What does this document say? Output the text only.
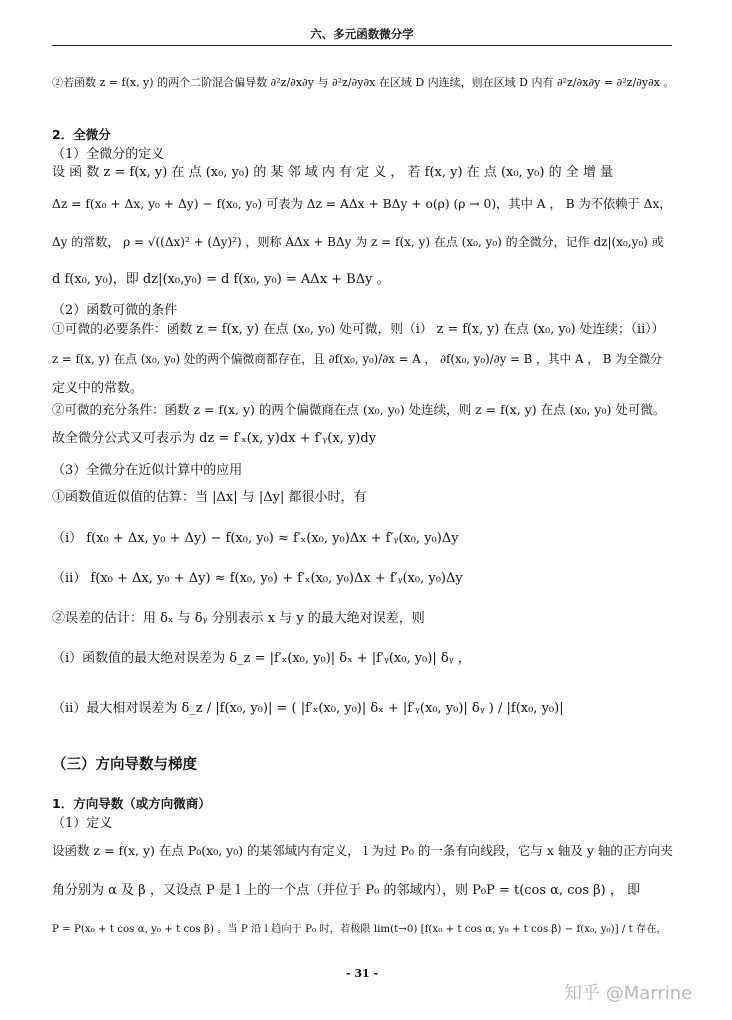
六、多元函数微分学
②若函数 z = f(x, y) 的两个二阶混合偏导数 ∂²z/∂x∂y 与 ∂²z/∂y∂x 在区域 D 内连续，则在区域 D 内有 ∂²z/∂x∂y = ∂²z/∂y∂x 。
2．全微分
（1）全微分的定义
设 函 数 z = f(x, y) 在 点 (x₀, y₀) 的 某 邻 域 内 有 定 义 ， 若 f(x, y) 在 点 (x₀, y₀) 的 全 增 量
Δz = f(x₀ + Δx, y₀ + Δy) − f(x₀, y₀) 可表为 Δz = AΔx + BΔy + o(ρ) (ρ → 0)，其中 A ， B 为不依赖于 Δx，
Δy 的常数， ρ = √((Δx)² + (Δy)²) ，则称 AΔx + BΔy 为 z = f(x, y) 在点 (x₀, y₀) 的全微分，记作 dz|(x₀,y₀) 或
d f(x₀, y₀)，即 dz|(x₀,y₀) = d f(x₀, y₀) = AΔx + BΔy 。
（2）函数可微的条件
①可微的必要条件：函数 z = f(x, y) 在点 (x₀, y₀) 处可微，则（i） z = f(x, y) 在点 (x₀, y₀) 处连续；（ii））
z = f(x, y) 在点 (x₀, y₀) 处的两个偏微商都存在，且 ∂f(x₀, y₀)/∂x = A ， ∂f(x₀, y₀)/∂y = B ，其中 A ， B 为全微分
定义中的常数。
②可微的充分条件：函数 z = f(x, y) 的两个偏微商在点 (x₀, y₀) 处连续，则 z = f(x, y) 在点 (x₀, y₀) 处可微。
故全微分公式又可表示为 dz = f′ₓ(x, y)dx + f′ᵧ(x, y)dy
（3）全微分在近似计算中的应用
①函数值近似值的估算：当 |Δx| 与 |Δy| 都很小时，有
（i） f(x₀ + Δx, y₀ + Δy) − f(x₀, y₀) ≈ f′ₓ(x₀, y₀)Δx + f′ᵧ(x₀, y₀)Δy
（ii） f(x₀ + Δx, y₀ + Δy) ≈ f(x₀, y₀) + f′ₓ(x₀, y₀)Δx + f′ᵧ(x₀, y₀)Δy
②误差的估计：用 δₓ 与 δᵧ 分别表示 x 与 y 的最大绝对误差，则
（i）函数值的最大绝对误差为 δ_z = |f′ₓ(x₀, y₀)| δₓ + |f′ᵧ(x₀, y₀)| δᵧ ，
（ii）最大相对误差为 δ_z / |f(x₀, y₀)| = ( |f′ₓ(x₀, y₀)| δₓ + |f′ᵧ(x₀, y₀)| δᵧ ) / |f(x₀, y₀)|
（三）方向导数与梯度
1．方向导数（或方向微商）
（1）定义
设函数 z = f(x, y) 在点 P₀(x₀, y₀) 的某邻域内有定义， l 为过 P₀ 的一条有向线段，它与 x 轴及 y 轴的正方向夹
角分别为 α 及 β ，又设点 P 是 l 上的一个点（并位于 P₀ 的邻域内），则 P₀P = t(cos α, cos β) ， 即
P = P(x₀ + t cos α, y₀ + t cos β) 。当 P 沿 l 趋向于 P₀ 时，若极限 lim(t→0) [f(x₀ + t cos α, y₀ + t cos β) − f(x₀, y₀)] / t 存在，
- 31 -
知乎 @Marrine
